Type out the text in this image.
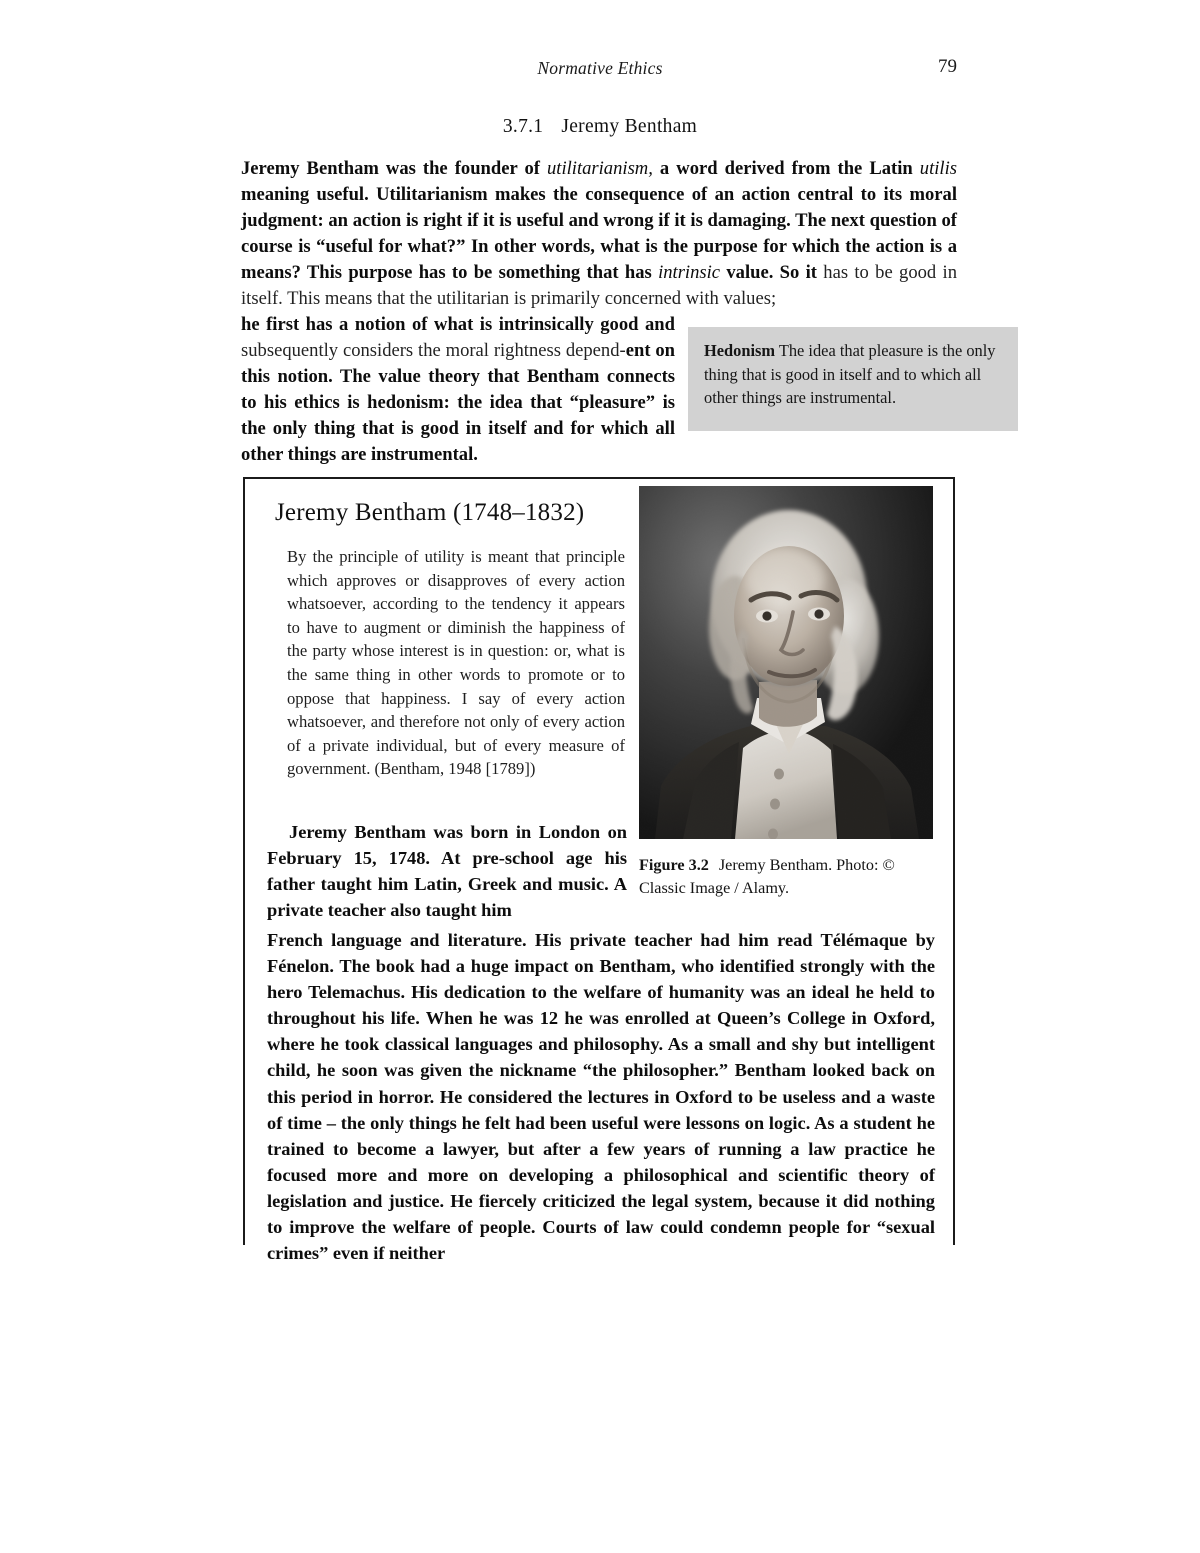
Normative Ethics	79
3.7.1 Jeremy Bentham

Jeremy Bentham was the founder of utilitarianism, a word derived from the Latin utilis meaning useful. Utilitarianism makes the consequence of an action central to its moral judgment: an action is right if it is useful and wrong if it is damaging. The next question of course is “useful for what?” In other words, what is the purpose for which the action is a means? This purpose has to be something that has intrinsic value. So it has to be good in itself. This means that the utilitarian is primarily concerned with values;

he first has a notion of what is intrinsically good and subsequently considers the moral rightness depend-ent on this notion. The value theory that Bentham connects to his ethics is hedonism: the idea that “pleasure” is the only thing that is good in itself and for which all other things are instrumental.

Hedonism The idea that pleasure is the only thing that is good in itself and to which all other things are instrumental.
Jeremy Bentham (1748–1832)

By the principle of utility is meant that principle which approves or disapproves of every action whatsoever, according to the tendency it appears to have to augment or diminish the happiness of the party whose interest is in question: or, what is the same thing in other words to promote or to oppose that happiness. I say of every action whatsoever, and therefore not only of every action of a private individual, but of every measure of government. (Bentham, 1948 [1789])

Jeremy Bentham was born in London on February 15, 1748. At pre-school age his father taught him Latin, Greek and music. A private teacher also taught him

French language and literature. His private teacher had him read Télémaque by Fénelon. The book had a huge impact on Bentham, who identified strongly with the hero Telemachus. His dedication to the welfare of humanity was an ideal he held to throughout his life. When he was 12 he was enrolled at Queen’s College in Oxford, where he took classical languages and philosophy. As a small and shy but intelligent child, he soon was given the nickname “the philosopher.” Bentham looked back on this period in horror. He considered the lectures in Oxford to be useless and a waste of time – the only things he felt had been useful were lessons on logic. As a student he trained to become a lawyer, but after a few years of running a law practice he focused more and more on developing a philosophical and scientific theory of legislation and justice. He fiercely criticized the legal system, because it did nothing to improve the welfare of people. Courts of law could condemn people for “sexual crimes” even if neither

Figure 3.2 Jeremy Bentham. Photo: © Classic Image / Alamy.
